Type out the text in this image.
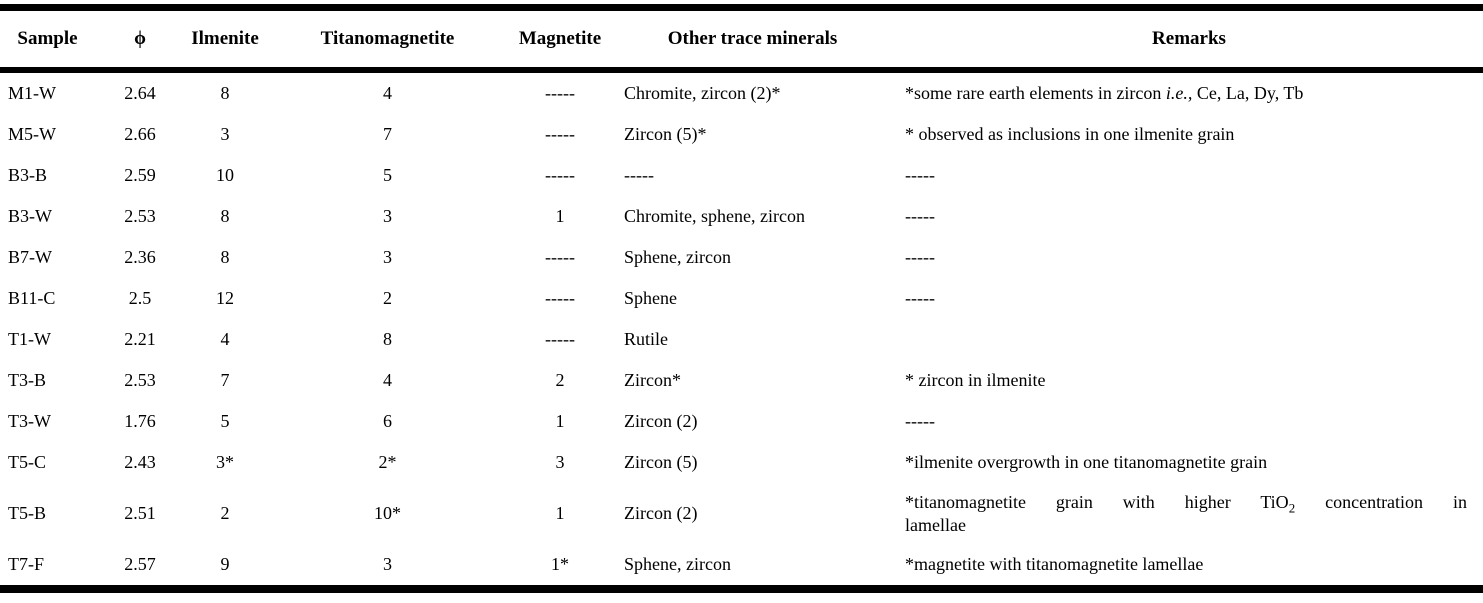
Sample	ϕ	Ilmenite	Titanomagnetite	Magnetite	Other trace minerals	Remarks
M1-W	2.64	8	4	-----	Chromite, zircon (2)*	*some rare earth elements in zircon i.e., Ce, La, Dy, Tb
M5-W	2.66	3	7	-----	Zircon (5)*	* observed as inclusions in one ilmenite grain
B3-B	2.59	10	5	-----	-----	-----
B3-W	2.53	8	3	1	Chromite, sphene, zircon	-----
B7-W	2.36	8	3	-----	Sphene, zircon	-----
B11-C	2.5	12	2	-----	Sphene	-----
T1-W	2.21	4	8	-----	Rutile	
T3-B	2.53	7	4	2	Zircon*	* zircon in ilmenite
T3-W	1.76	5	6	1	Zircon (2)	-----
T5-C	2.43	3*	2*	3	Zircon (5)	*ilmenite overgrowth in one titanomagnetite grain
T5-B	2.51	2	10*	1	Zircon (2)	*titanomagnetite grain with higher TiO$_2$ concentration in
lamellae

T7-F	2.57	9	3	1*	Sphene, zircon	*magnetite with titanomagnetite lamellae
